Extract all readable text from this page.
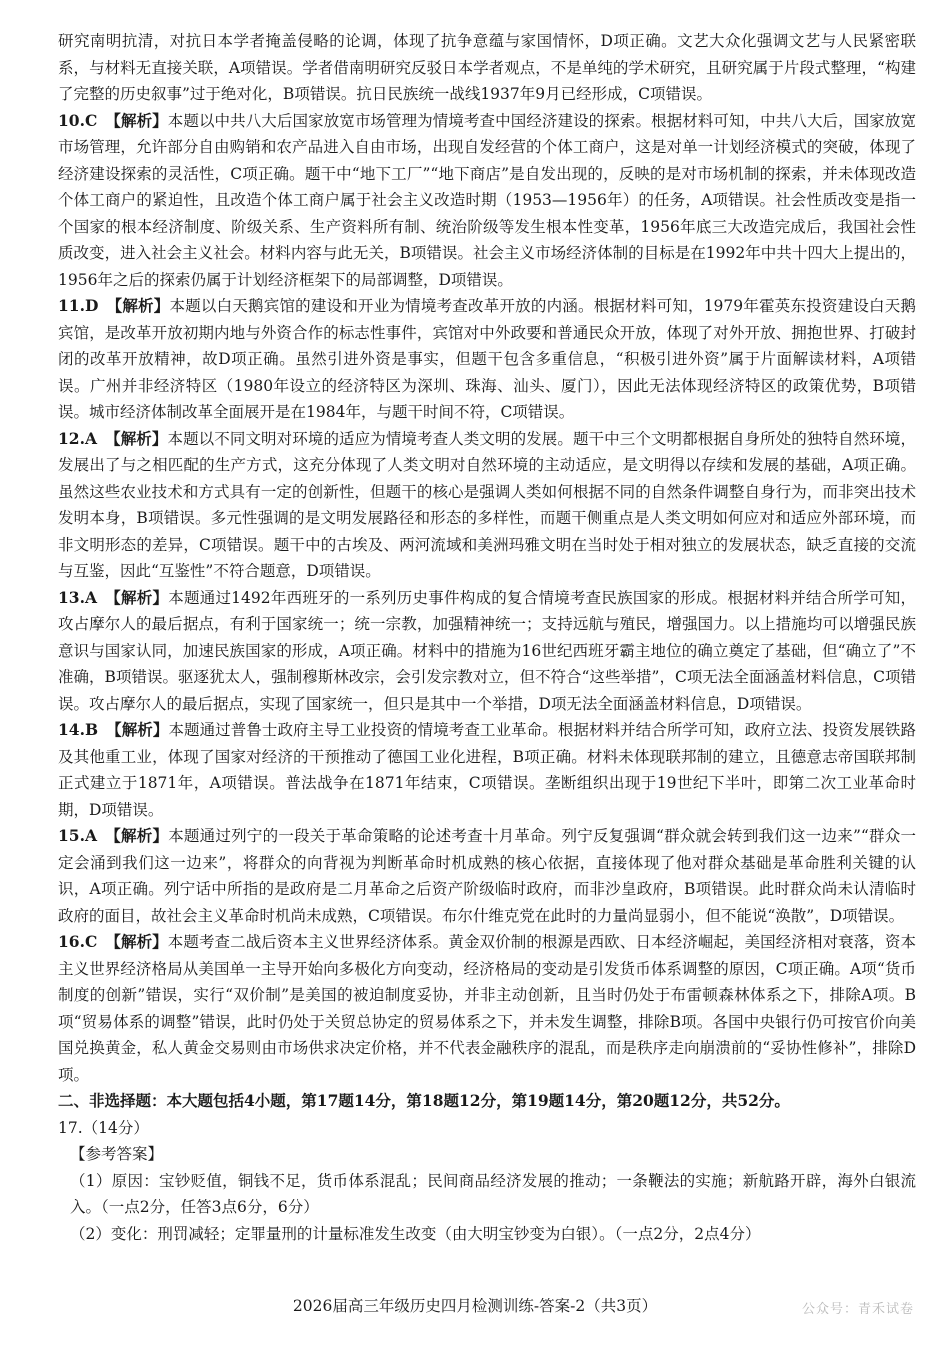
研究南明抗清，对抗日本学者掩盖侵略的论调，体现了抗争意蕴与家国情怀，D项正确。文艺大众化强调文艺与人民紧密联系，与材料无直接关联，A项错误。学者借南明研究反驳日本学者观点，不是单纯的学术研究，且研究属于片段式整理，“构建了完整的历史叙事”过于绝对化，B项错误。抗日民族统一战线1937年9月已经形成，C项错误。

10.C 【解析】本题以中共八大后国家放宽市场管理为情境考查中国经济建设的探索。根据材料可知，中共八大后，国家放宽市场管理，允许部分自由购销和农产品进入自由市场，出现自发经营的个体工商户，这是对单一计划经济模式的突破，体现了经济建设探索的灵活性，C项正确。题干中“地下工厂”“地下商店”是自发出现的，反映的是对市场机制的探索，并未体现改造个体工商户的紧迫性，且改造个体工商户属于社会主义改造时期（1953—1956年）的任务，A项错误。社会性质改变是指一个国家的根本经济制度、阶级关系、生产资料所有制、统治阶级等发生根本性变革，1956年底三大改造完成后，我国社会性质改变，进入社会主义社会。材料内容与此无关，B项错误。社会主义市场经济体制的目标是在1992年中共十四大上提出的，1956年之后的探索仍属于计划经济框架下的局部调整，D项错误。

11.D 【解析】本题以白天鹅宾馆的建设和开业为情境考查改革开放的内涵。根据材料可知，1979年霍英东投资建设白天鹅宾馆，是改革开放初期内地与外资合作的标志性事件，宾馆对中外政要和普通民众开放，体现了对外开放、拥抱世界、打破封闭的改革开放精神，故D项正确。虽然引进外资是事实，但题干包含多重信息，“积极引进外资”属于片面解读材料，A项错误。广州并非经济特区（1980年设立的经济特区为深圳、珠海、汕头、厦门），因此无法体现经济特区的政策优势，B项错误。城市经济体制改革全面展开是在1984年，与题干时间不符，C项错误。

12.A 【解析】本题以不同文明对环境的适应为情境考查人类文明的发展。题干中三个文明都根据自身所处的独特自然环境，发展出了与之相匹配的生产方式，这充分体现了人类文明对自然环境的主动适应，是文明得以存续和发展的基础，A项正确。虽然这些农业技术和方式具有一定的创新性，但题干的核心是强调人类如何根据不同的自然条件调整自身行为，而非突出技术发明本身，B项错误。多元性强调的是文明发展路径和形态的多样性，而题干侧重点是人类文明如何应对和适应外部环境，而非文明形态的差异，C项错误。题干中的古埃及、两河流域和美洲玛雅文明在当时处于相对独立的发展状态，缺乏直接的交流与互鉴，因此“互鉴性”不符合题意，D项错误。

13.A 【解析】本题通过1492年西班牙的一系列历史事件构成的复合情境考查民族国家的形成。根据材料并结合所学可知，攻占摩尔人的最后据点，有利于国家统一；统一宗教，加强精神统一；支持远航与殖民，增强国力。以上措施均可以增强民族意识与国家认同，加速民族国家的形成，A项正确。材料中的措施为16世纪西班牙霸主地位的确立奠定了基础，但“确立了”不准确，B项错误。驱逐犹太人，强制穆斯林改宗，会引发宗教对立，但不符合“这些举措”，C项无法全面涵盖材料信息，C项错误。攻占摩尔人的最后据点，实现了国家统一，但只是其中一个举措，D项无法全面涵盖材料信息，D项错误。

14.B 【解析】本题通过普鲁士政府主导工业投资的情境考查工业革命。根据材料并结合所学可知，政府立法、投资发展铁路及其他重工业，体现了国家对经济的干预推动了德国工业化进程，B项正确。材料未体现联邦制的建立，且德意志帝国联邦制正式建立于1871年，A项错误。普法战争在1871年结束，C项错误。垄断组织出现于19世纪下半叶，即第二次工业革命时期，D项错误。

15.A 【解析】本题通过列宁的一段关于革命策略的论述考查十月革命。列宁反复强调“群众就会转到我们这一边来”“群众一定会涌到我们这一边来”，将群众的向背视为判断革命时机成熟的核心依据，直接体现了他对群众基础是革命胜利关键的认识，A项正确。列宁话中所指的是政府是二月革命之后资产阶级临时政府，而非沙皇政府，B项错误。此时群众尚未认清临时政府的面目，故社会主义革命时机尚未成熟，C项错误。布尔什维克党在此时的力量尚显弱小，但不能说“涣散”，D项错误。

16.C 【解析】本题考查二战后资本主义世界经济体系。黄金双价制的根源是西欧、日本经济崛起，美国经济相对衰落，资本主义世界经济格局从美国单一主导开始向多极化方向变动，经济格局的变动是引发货币体系调整的原因，C项正确。A项“货币制度的创新”错误，实行“双价制”是美国的被迫制度妥协，并非主动创新，且当时仍处于布雷顿森林体系之下，排除A项。B项“贸易体系的调整”错误，此时仍处于关贸总协定的贸易体系之下，并未发生调整，排除B项。各国中央银行仍可按官价向美国兑换黄金，私人黄金交易则由市场供求决定价格，并不代表金融秩序的混乱，而是秩序走向崩溃前的“妥协性修补”，排除D项。

二、非选择题：本大题包括4小题，第17题14分，第18题12分，第19题14分，第20题12分，共52分。

17.（14分）

【参考答案】

（1）原因：宝钞贬值，铜钱不足，货币体系混乱；民间商品经济发展的推动；一条鞭法的实施；新航路开辟，海外白银流入。（一点2分，任答3点6分，6分）

（2）变化：刑罚减轻；定罪量刑的计量标准发生改变（由大明宝钞变为白银）。（一点2分，2点4分）

2026届高三年级历史四月检测训练-答案-2（共3页）	公众号：青禾试卷
